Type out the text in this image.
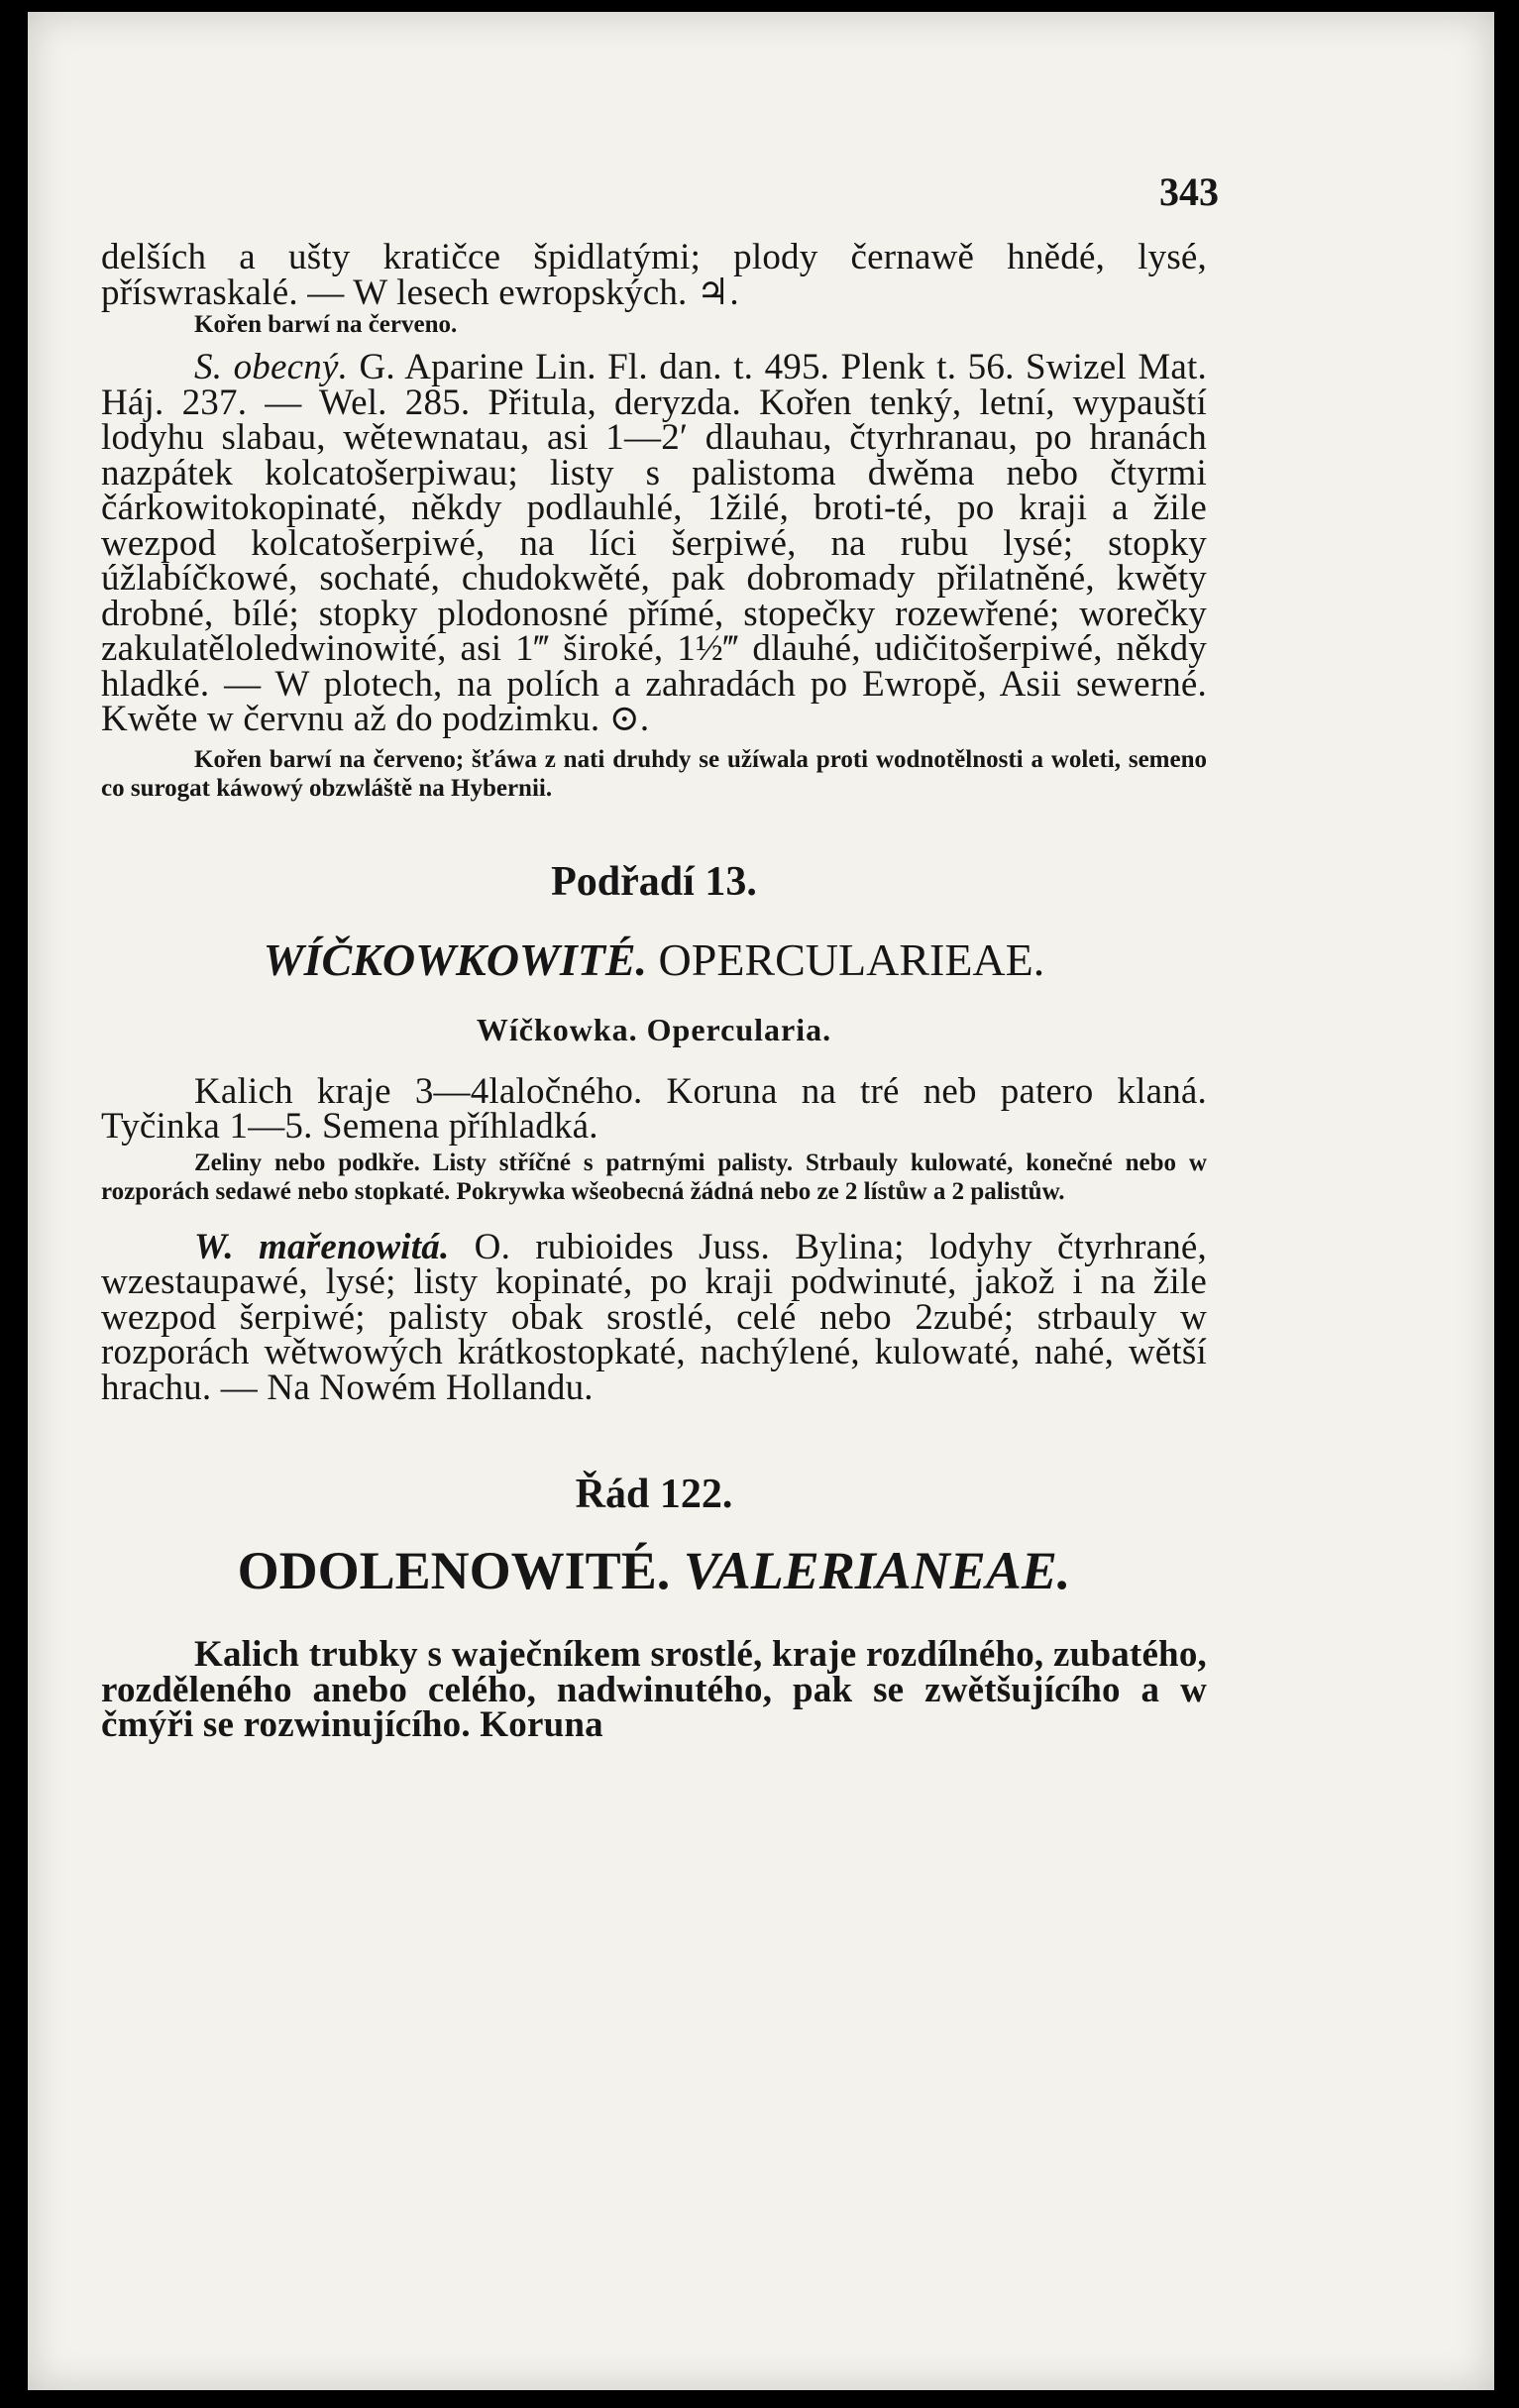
343

delších a ušty kratičce špidlatými; plody černawě hnědé, lysé, příswraskalé. — W lesech ewropských. ♃.

Kořen barwí na červeno.

S. obecný. G. Aparine Lin. Fl. dan. t. 495. Plenk t. 56. Swizel Mat. Háj. 237. — Wel. 285. Přitula, deryzda. Kořen tenký, letní, wypauští lodyhu slabau, wětewnatau, asi 1—2′ dlauhau, čtyrhranau, po hranách nazpátek kolcatošerpiwau; listy s palistoma dwěma nebo čtyrmi čárkowitokopinaté, někdy podlauhlé, 1žilé, broti-té, po kraji a žile wezpod kolcatošerpiwé, na líci šerpiwé, na rubu lysé; stopky úžlabíčkowé, sochaté, chudokwěté, pak dobromady přilatněné, kwěty drobné, bílé; stopky plodonosné přímé, stopečky rozewřené; worečky zakulatěloledwinowité, asi 1‴ široké, 1½‴ dlauhé, udičitošerpiwé, někdy hladké. — W plotech, na polích a zahradách po Ewropě, Asii sewerné. Kwěte w červnu až do podzimku. ⊙.

Kořen barwí na červeno; šťáwa z nati druhdy se užíwala proti wodnotělnosti a woleti, semeno co surogat káwowý obzwláště na Hybernii.

Podřadí 13.

WÍČKOWKOWITÉ. OPERCULARIEAE.

Wíčkowka. Opercularia.

Kalich kraje 3—4laločného. Koruna na tré neb patero klaná. Tyčinka 1—5. Semena příhladká.

Zeliny nebo podkře. Listy stříčné s patrnými palisty. Strbauly kulowaté, konečné nebo w rozporách sedawé nebo stopkaté. Pokrywka wšeobecná žádná nebo ze 2 lístůw a 2 palistůw.

W. mařenowitá. O. rubioides Juss. Bylina; lodyhy čtyrhrané, wzestaupawé, lysé; listy kopinaté, po kraji podwinuté, jakož i na žile wezpod šerpiwé; palisty obak srostlé, celé nebo 2zubé; strbauly w rozporách wětwowých krátkostopkaté, nachýlené, kulowaté, nahé, wětší hrachu. — Na Nowém Hollandu.

Řád 122.

ODOLENOWITÉ. VALERIANEAE.

Kalich trubky s waječníkem srostlé, kraje rozdílného, zubatého, rozděleného anebo celého, nadwinutého, pak se zwětšujícího a w čmýři se rozwinujícího. Koruna
